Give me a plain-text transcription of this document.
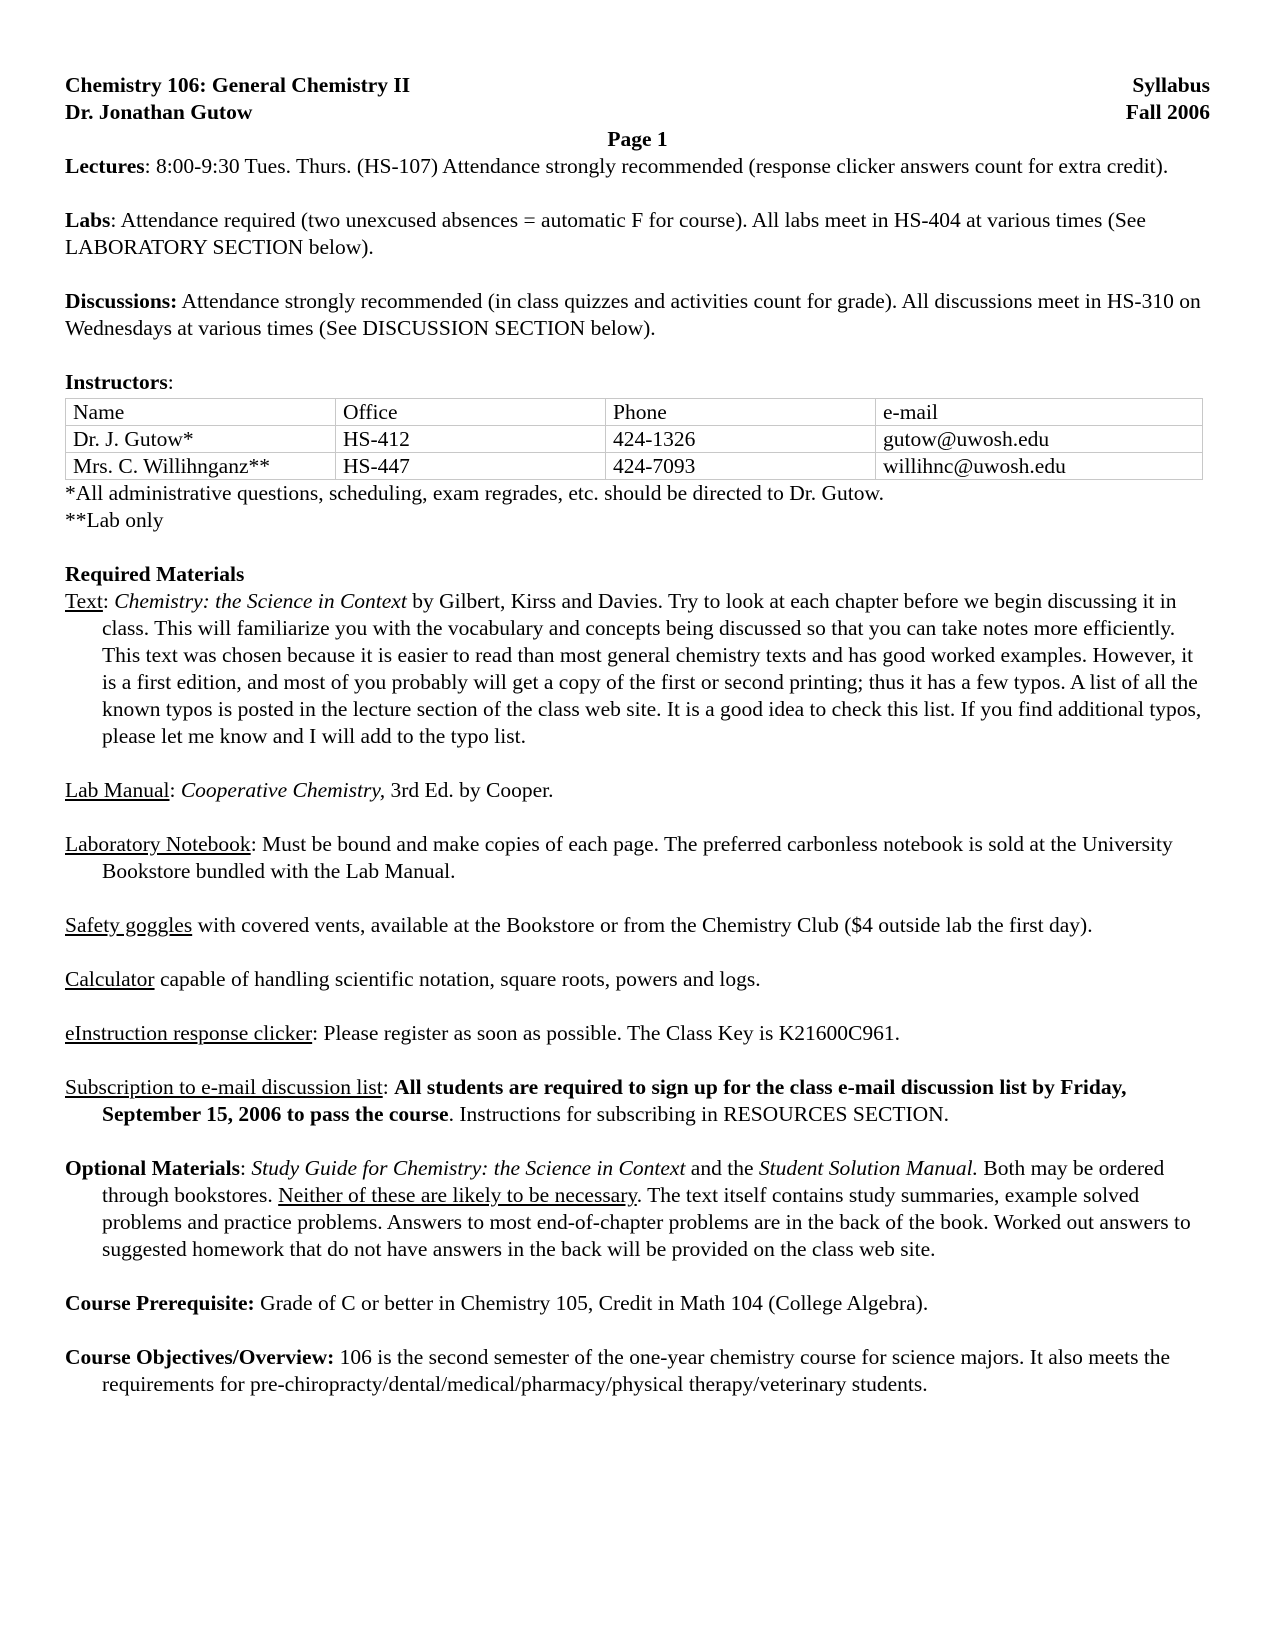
Chemistry 106: General Chemistry II	Syllabus
Dr. Jonathan Gutow	Fall 2006
Page 1

Lectures: 8:00-9:30 Tues. Thurs. (HS-107) Attendance strongly recommended (response clicker answers count for extra credit).

Labs: Attendance required (two unexcused absences = automatic F for course). All labs meet in HS-404 at various times (See LABORATORY SECTION below).

Discussions: Attendance strongly recommended (in class quizzes and activities count for grade). All discussions meet in HS-310 on Wednesdays at various times (See DISCUSSION SECTION below).

Instructors:

Name	Office	Phone	e-mail
Dr. J. Gutow*	HS-412	424-1326	gutow@uwosh.edu
Mrs. C. Willihnganz**	HS-447	424-7093	willihnc@uwosh.edu

*All administrative questions, scheduling, exam regrades, etc. should be directed to Dr. Gutow.

**Lab only

Required Materials

Text: Chemistry: the Science in Context by Gilbert, Kirss and Davies. Try to look at each chapter before we begin discussing it in class. This will familiarize you with the vocabulary and concepts being discussed so that you can take notes more efficiently. This text was chosen because it is easier to read than most general chemistry texts and has good worked examples. However, it is a first edition, and most of you probably will get a copy of the first or second printing; thus it has a few typos. A list of all the known typos is posted in the lecture section of the class web site. It is a good idea to check this list. If you find additional typos, please let me know and I will add to the typo list.

Lab Manual: Cooperative Chemistry, 3rd Ed. by Cooper.

Laboratory Notebook: Must be bound and make copies of each page. The preferred carbonless notebook is sold at the University Bookstore bundled with the Lab Manual.

Safety goggles with covered vents, available at the Bookstore or from the Chemistry Club ($4 outside lab the first day).

Calculator capable of handling scientific notation, square roots, powers and logs.

eInstruction response clicker: Please register as soon as possible. The Class Key is K21600C961.

Subscription to e-mail discussion list: All students are required to sign up for the class e-mail discussion list by Friday, September 15, 2006 to pass the course. Instructions for subscribing in RESOURCES SECTION.

Optional Materials: Study Guide for Chemistry: the Science in Context and the Student Solution Manual. Both may be ordered through bookstores. Neither of these are likely to be necessary. The text itself contains study summaries, example solved problems and practice problems. Answers to most end-of-chapter problems are in the back of the book. Worked out answers to suggested homework that do not have answers in the back will be provided on the class web site.

Course Prerequisite: Grade of C or better in Chemistry 105, Credit in Math 104 (College Algebra).

Course Objectives/Overview: 106 is the second semester of the one-year chemistry course for science majors. It also meets the requirements for pre-chiropracty/dental/medical/pharmacy/physical therapy/veterinary students.
